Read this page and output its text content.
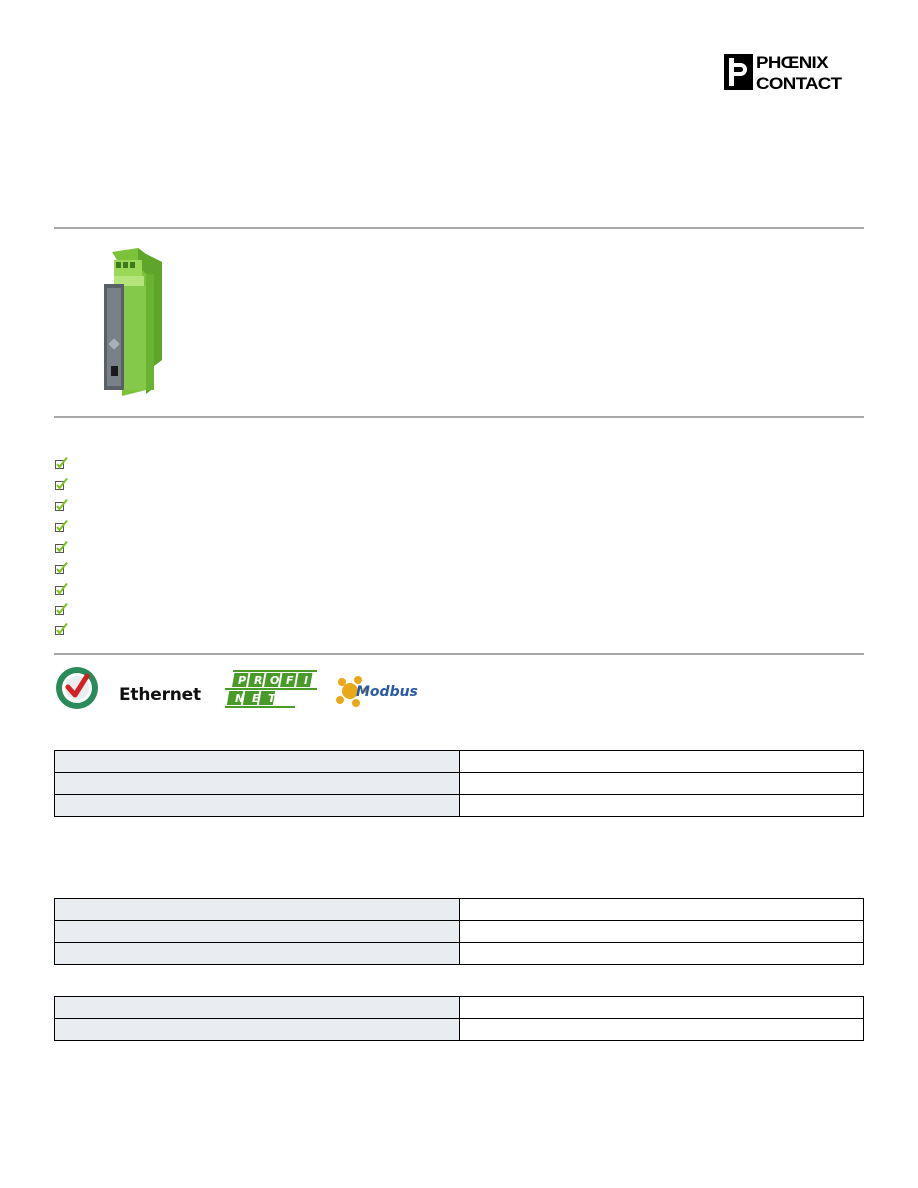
PHŒNIX
CONTACT
Ethernet
P R O F I
N E T	Modbus
